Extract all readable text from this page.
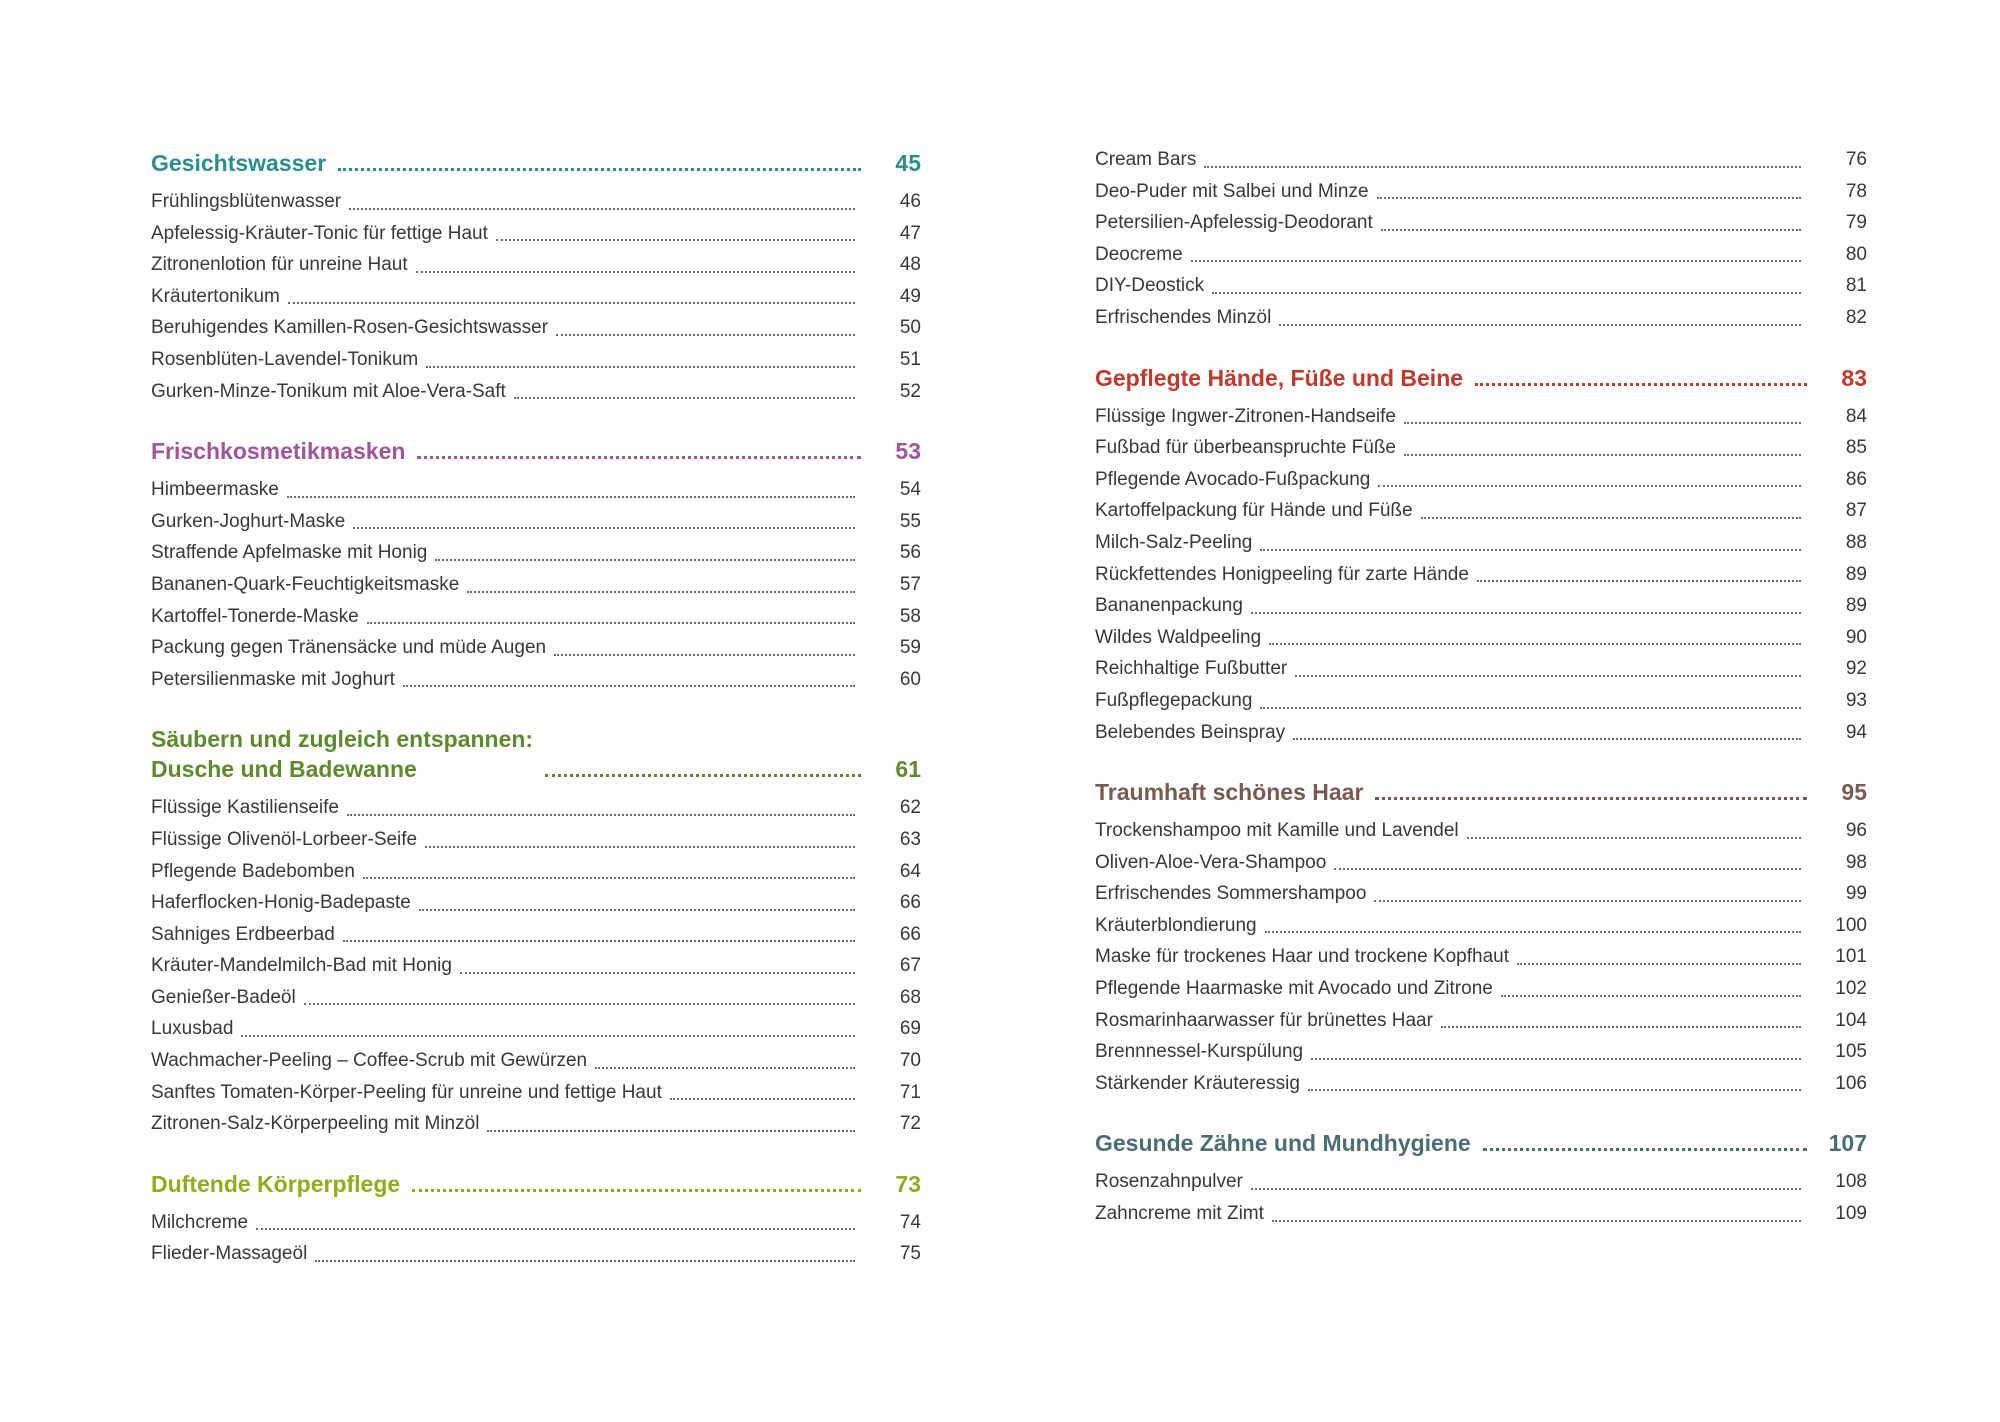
Gesichtswasser	45
Frühlingsblütenwasser	46
Apfelessig-Kräuter-Tonic für fettige Haut	47
Zitronenlotion für unreine Haut	48
Kräutertonikum	49
Beruhigendes Kamillen-Rosen-Gesichtswasser	50
Rosenblüten-Lavendel-Tonikum	51
Gurken-Minze-Tonikum mit Aloe-Vera-Saft	52
Frischkosmetikmasken	53
Himbeermaske	54
Gurken-Joghurt-Maske	55
Straffende Apfelmaske mit Honig	56
Bananen-Quark-Feuchtigkeitsmaske	57
Kartoffel-Tonerde-Maske	58
Packung gegen Tränensäcke und müde Augen	59
Petersilienmaske mit Joghurt	60
Säubern und zugleich entspannen:
Dusche und Badewanne	61
Flüssige Kastilienseife	62
Flüssige Olivenöl-Lorbeer-Seife	63
Pflegende Badebomben	64
Haferflocken-Honig-Badepaste	66
Sahniges Erdbeerbad	66
Kräuter-Mandelmilch-Bad mit Honig	67
Genießer-Badeöl	68
Luxusbad	69
Wachmacher-Peeling – Coffee-Scrub mit Gewürzen	70
Sanftes Tomaten-Körper-Peeling für unreine und fettige Haut	71
Zitronen-Salz-Körperpeeling mit Minzöl	72
Duftende Körperpflege	73
Milchcreme	74
Flieder-Massageöl	75
Cream Bars	76
Deo-Puder mit Salbei und Minze	78
Petersilien-Apfelessig-Deodorant	79
Deocreme	80
DIY-Deostick	81
Erfrischendes Minzöl	82
Gepflegte Hände, Füße und Beine	83
Flüssige Ingwer-Zitronen-Handseife	84
Fußbad für überbeanspruchte Füße	85
Pflegende Avocado-Fußpackung	86
Kartoffelpackung für Hände und Füße	87
Milch-Salz-Peeling	88
Rückfettendes Honigpeeling für zarte Hände	89
Bananenpackung	89
Wildes Waldpeeling	90
Reichhaltige Fußbutter	92
Fußpflegepackung	93
Belebendes Beinspray	94
Traumhaft schönes Haar	95
Trockenshampoo mit Kamille und Lavendel	96
Oliven-Aloe-Vera-Shampoo	98
Erfrischendes Sommershampoo	99
Kräuterblondierung	100
Maske für trockenes Haar und trockene Kopfhaut	101
Pflegende Haarmaske mit Avocado und Zitrone	102
Rosmarinhaarwasser für brünettes Haar	104
Brennnessel-Kurspülung	105
Stärkender Kräuteressig	106
Gesunde Zähne und Mundhygiene	107
Rosenzahnpulver	108
Zahncreme mit Zimt	109
